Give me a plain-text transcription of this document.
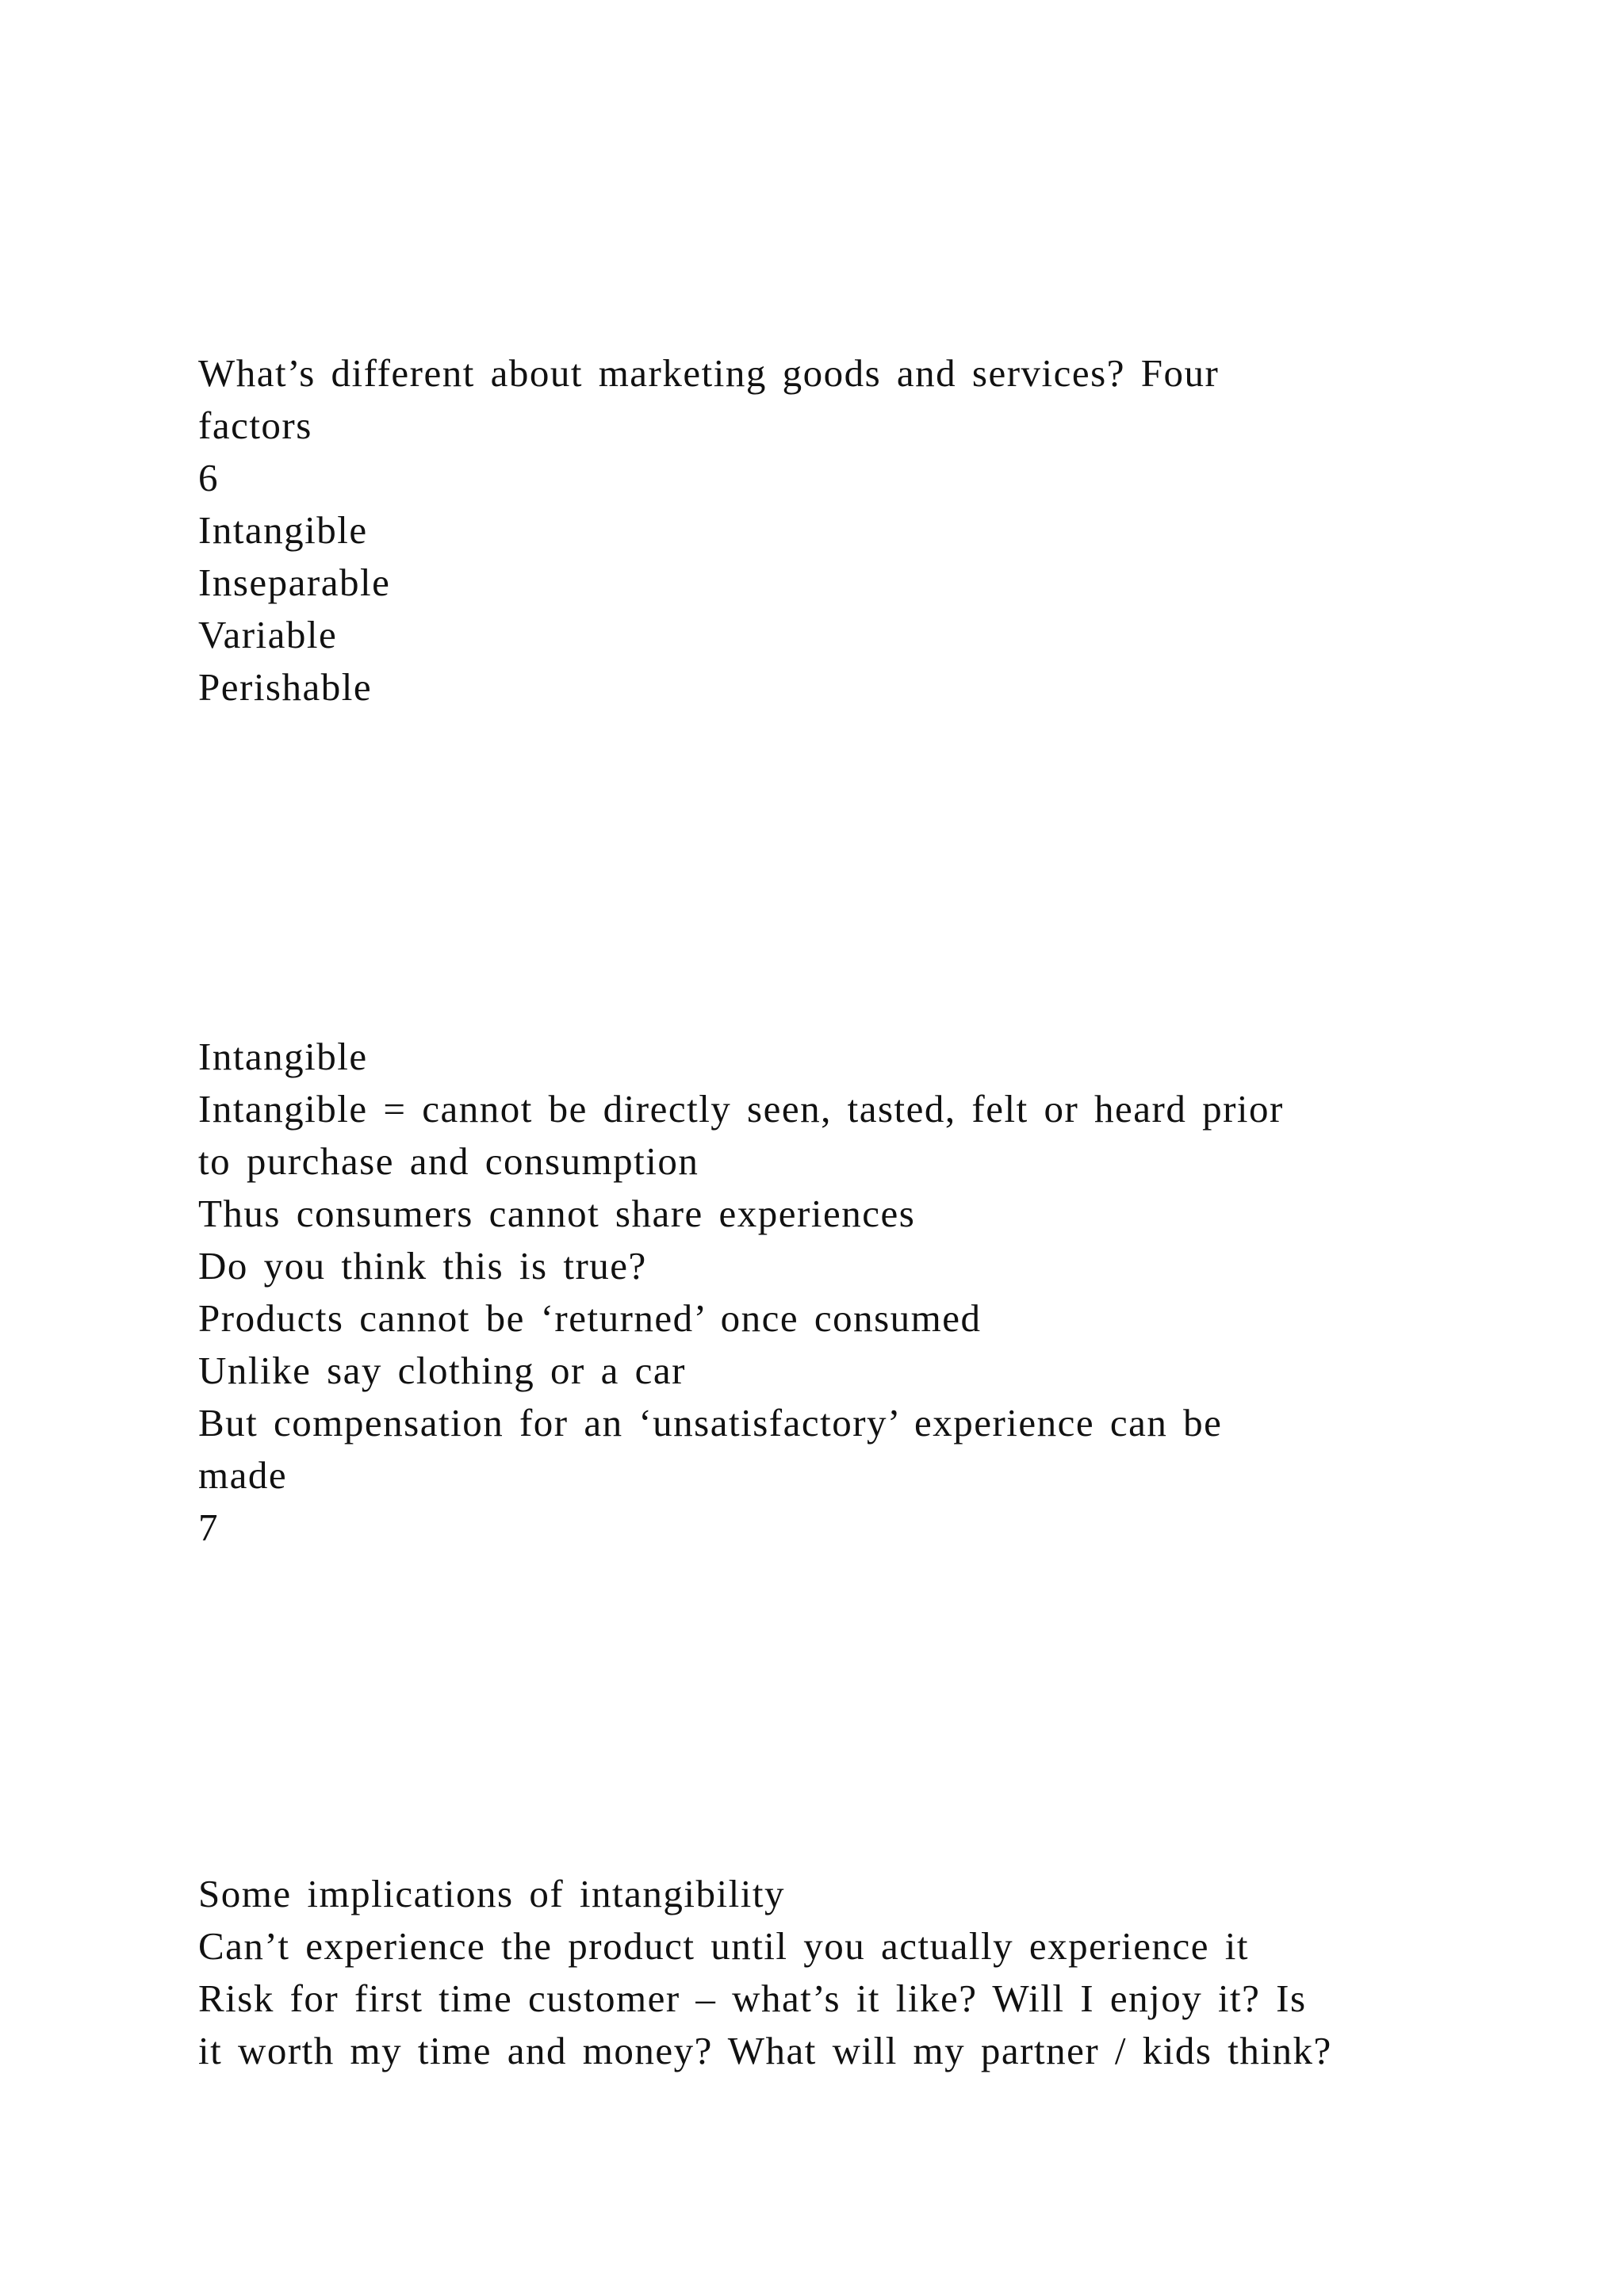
What’s different about marketing goods and services? Four
factors
6
Intangible
Inseparable
Variable
Perishable
Intangible
Intangible = cannot be directly seen, tasted, felt or heard prior
to purchase and consumption
Thus consumers cannot share experiences
Do you think this is true?
Products cannot be ‘returned’ once consumed
Unlike say clothing or a car
But compensation for an ‘unsatisfactory’ experience can be
made
7
Some implications of intangibility
Can’t experience the product until you actually experience it
Risk for first time customer – what’s it like? Will I enjoy it? Is
it worth my time and money? What will my partner / kids think?
